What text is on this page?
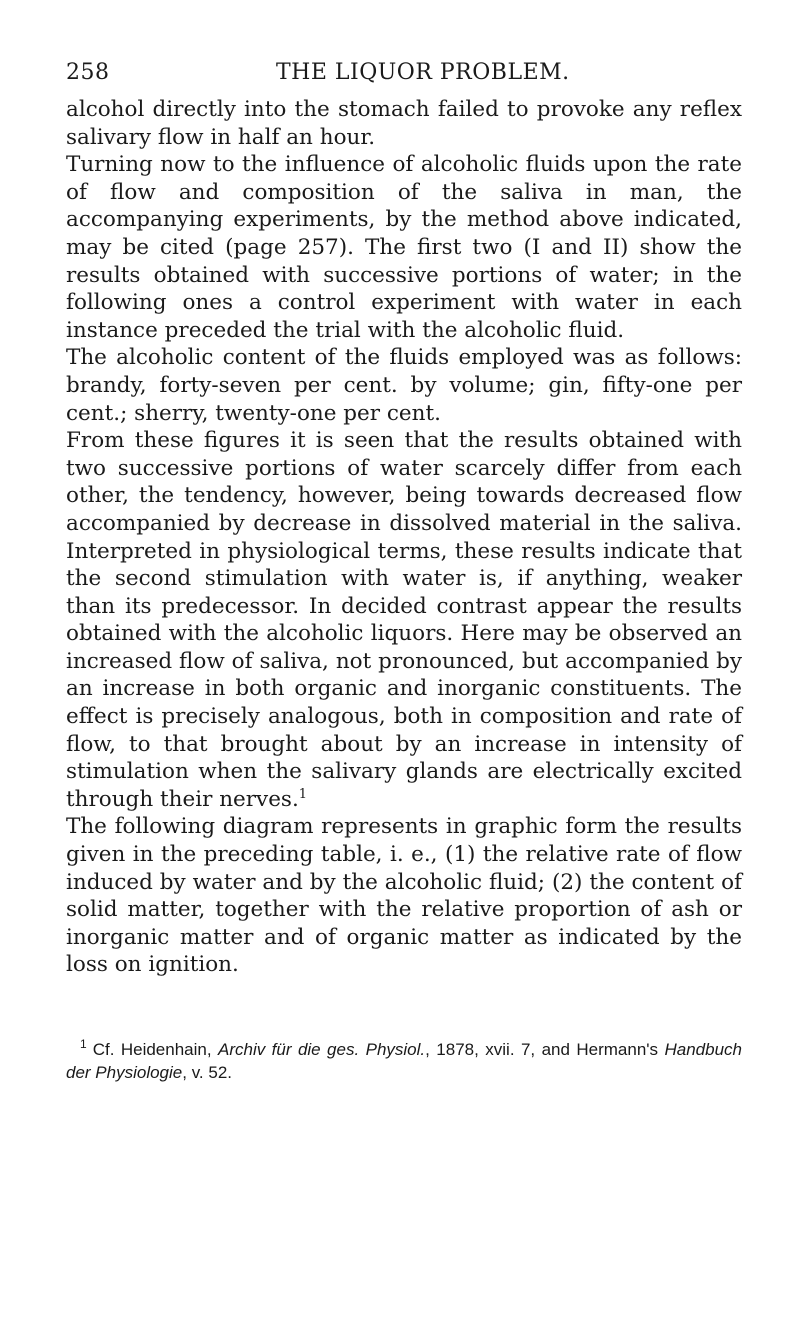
258	THE LIQUOR PROBLEM.

alcohol directly into the stomach failed to provoke any reflex salivary flow in half an hour.

Turning now to the influence of alcoholic fluids upon the rate of flow and composition of the saliva in man, the accompanying experiments, by the method above indicated, may be cited (page 257). The first two (I and II) show the results obtained with successive portions of water; in the following ones a control experiment with water in each instance preceded the trial with the alcoholic fluid.

The alcoholic content of the fluids employed was as follows: brandy, forty-seven per cent. by volume; gin, fifty-one per cent.; sherry, twenty-one per cent.

From these figures it is seen that the results obtained with two successive portions of water scarcely differ from each other, the tendency, however, being towards decreased flow accompanied by decrease in dissolved material in the saliva. Interpreted in physiological terms, these results indicate that the second stimulation with water is, if anything, weaker than its predecessor. In decided contrast appear the results obtained with the alcoholic liquors. Here may be observed an increased flow of saliva, not pronounced, but accompanied by an increase in both organic and inorganic constituents. The effect is precisely analogous, both in composition and rate of flow, to that brought about by an increase in intensity of stimulation when the salivary glands are electrically excited through their nerves.$^1$

The following diagram represents in graphic form the results given in the preceding table, i. e., (1) the relative rate of flow induced by water and by the alcoholic fluid; (2) the content of solid matter, together with the relative proportion of ash or inorganic matter and of organic matter as indicated by the loss on ignition.

$^1$ Cf. Heidenhain, Archiv für die ges. Physiol., 1878, xvii. 7, and Hermann's Handbuch der Physiologie, v. 52.
